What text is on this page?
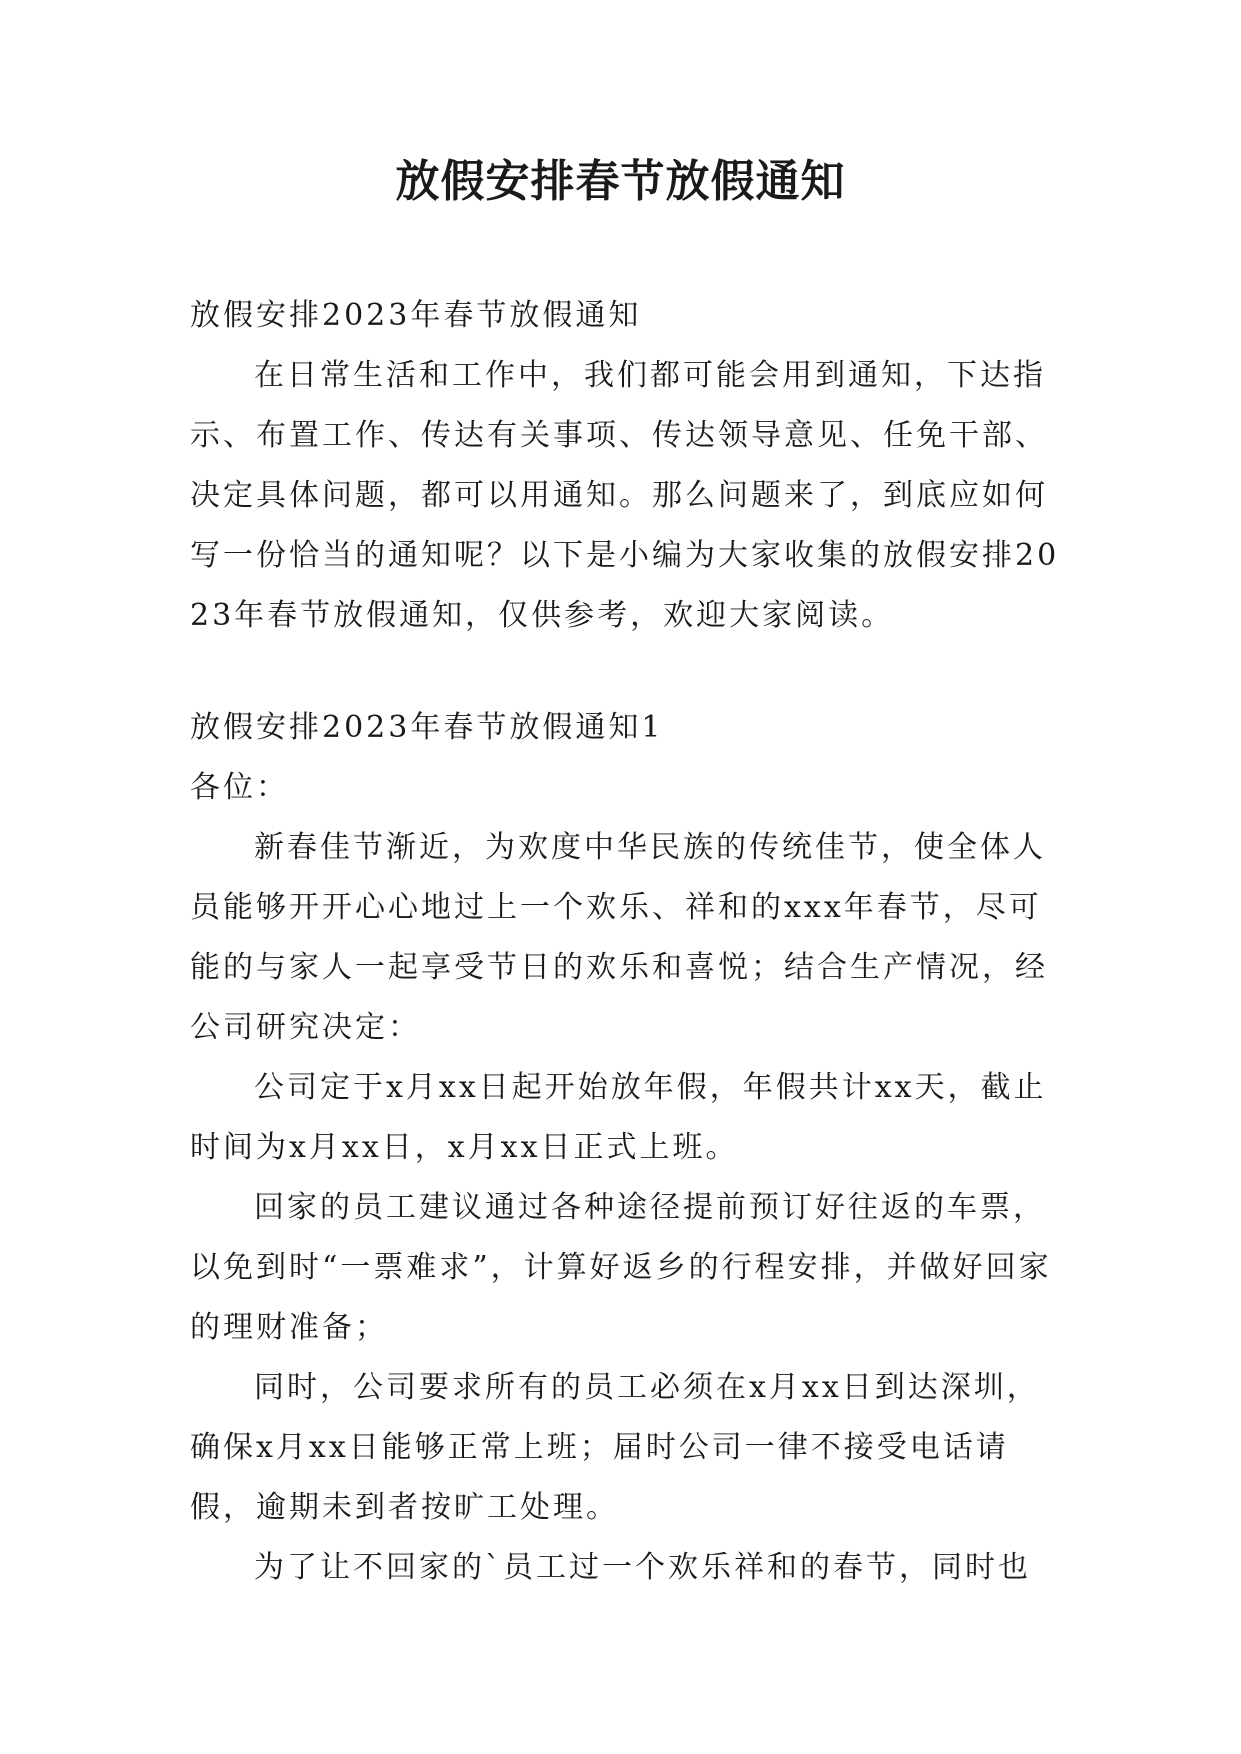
放假安排春节放假通知

放假安排2023年春节放假通知

在日常生活和工作中，我们都可能会用到通知，下达指示、布置工作、传达有关事项、传达领导意见、任免干部、决定具体问题，都可以用通知。那么问题来了，到底应如何写一份恰当的通知呢？以下是小编为大家收集的放假安排2023年春节放假通知，仅供参考，欢迎大家阅读。

放假安排2023年春节放假通知1

各位：

新春佳节渐近，为欢度中华民族的传统佳节，使全体人员能够开开心心地过上一个欢乐、祥和的xxx年春节，尽可能的与家人一起享受节日的欢乐和喜悦；结合生产情况，经公司研究决定：

公司定于x月xx日起开始放年假，年假共计xx天，截止时间为x月xx日，x月xx日正式上班。

回家的员工建议通过各种途径提前预订好往返的车票，以免到时“一票难求”，计算好返乡的行程安排，并做好回家的理财准备；

同时，公司要求所有的员工必须在x月xx日到达深圳，确保x月xx日能够正常上班；届时公司一律不接受电话请假，逾期未到者按旷工处理。

为了让不回家的`员工过一个欢乐祥和的春节，同时也
